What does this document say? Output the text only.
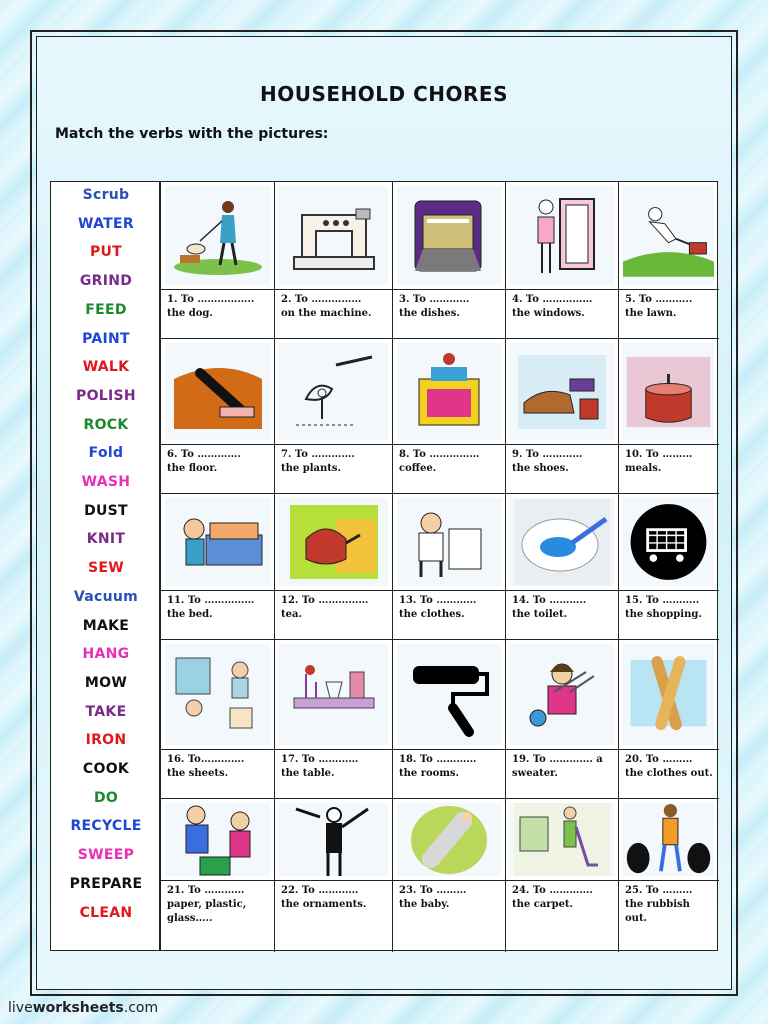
HOUSEHOLD CHORES
Match the verbs with the pictures:
Scrub
WATER
PUT
GRIND
FEED
PAINT
WALK
POLISH
ROCK
Fold
WASH
DUST
KNIT
SEW
Vacuum
MAKE
HANG
MOW
TAKE
IRON
COOK
DO
RECYCLE
SWEEP
PREPARE
CLEAN
1. To ……………..
the dog.
2. To ……………
on the machine.
3. To …………
the dishes.
4. To ……………
the windows.
5. To ………..
the lawn.
6. To ………….
the floor.
7. To ………….
the plants.
8. To ……………
coffee.
9. To …………
the shoes.
10. To ………
meals.
11. To ……………
the bed.
12. To ……………
tea.
13. To …………
the clothes.
14. To ………..
the toilet.
15. To ………..
the shopping.
16. To………….
the sheets.
17. To …………
the table.
18. To …………
the rooms.
19. To …………. a
sweater.
20. To ………
the clothes out.
21. To …………
paper, plastic,
glass…..
22. To …………
the ornaments.
23. To ………
the baby.
24. To ………….
the carpet.
25. To ………
the rubbish out.
liveworksheets.com
